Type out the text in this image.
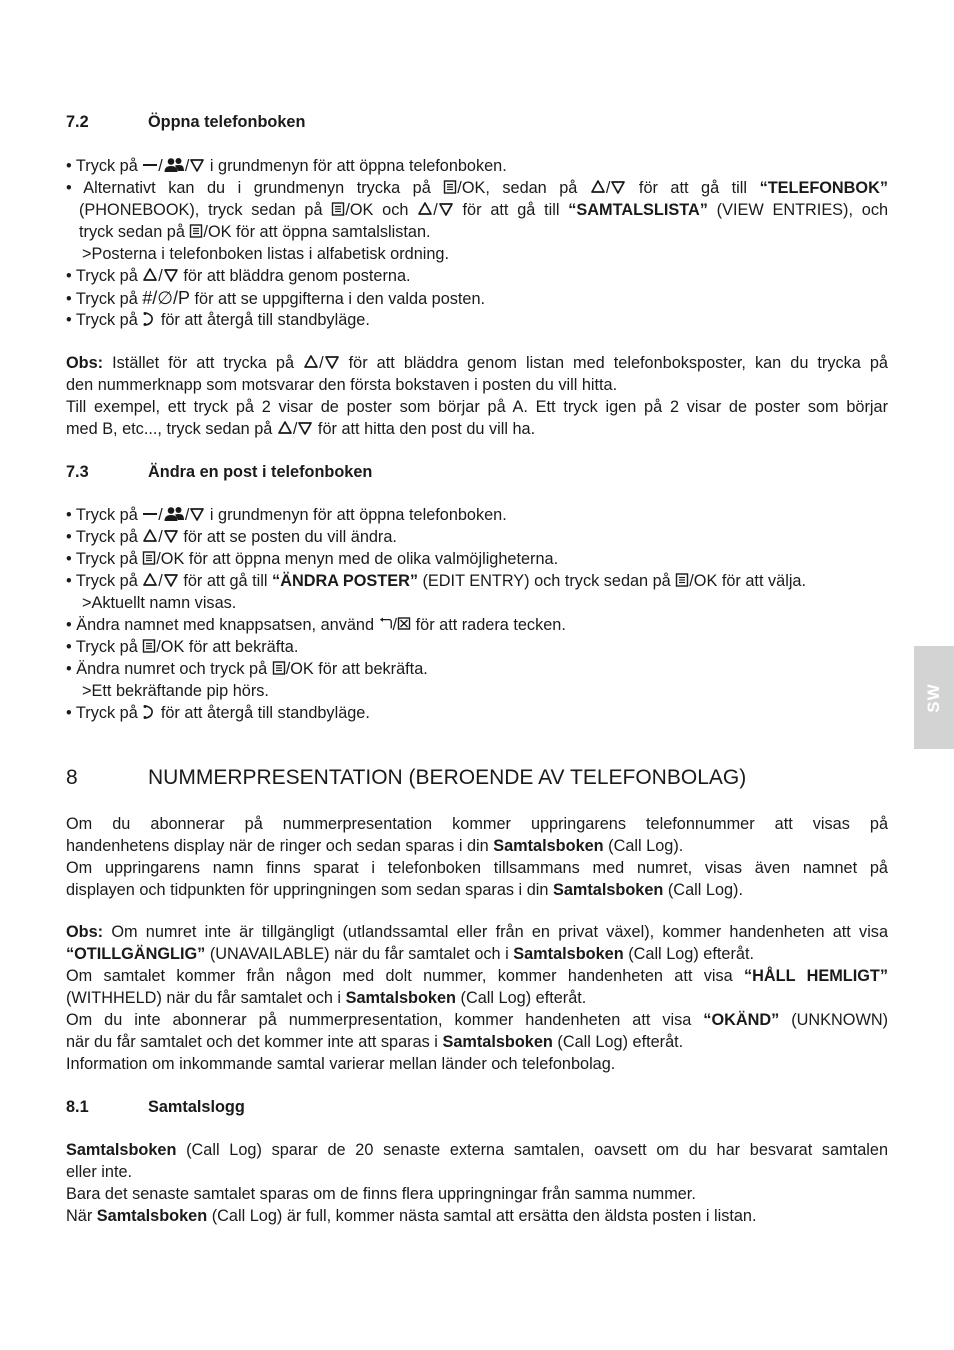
SW
7.2	Öppna telefonboken
• Tryck på / / i grundmenyn för att öppna telefonboken.
• Alternativt kan du i grundmenyn trycka på /OK, sedan på / för att gå till “TELEFONBOK”
(PHONEBOOK), tryck sedan på /OK och / för att gå till “SAMTALSLISTA” (VIEW ENTRIES), och
tryck sedan på /OK för att öppna samtalslistan.
>Posterna i telefonboken listas i alfabetisk ordning.
• Tryck på / för att bläddra genom posterna.
• Tryck på #/∅/P för att se uppgifterna i den valda posten.
• Tryck på för att återgå till standbyläge.
Obs: Istället för att trycka på / för att bläddra genom listan med telefonboksposter, kan du trycka på
den nummerknapp som motsvarar den första bokstaven i posten du vill hitta.
Till exempel, ett tryck på 2 visar de poster som börjar på A. Ett tryck igen på 2 visar de poster som börjar
med B, etc..., tryck sedan på / för att hitta den post du vill ha.
7.3	Ändra en post i telefonboken
• Tryck på / / i grundmenyn för att öppna telefonboken.
• Tryck på / för att se posten du vill ändra.
• Tryck på /OK för att öppna menyn med de olika valmöjligheterna.
• Tryck på / för att gå till “ÄNDRA POSTER” (EDIT ENTRY) och tryck sedan på /OK för att välja.
>Aktuellt namn visas.
• Ändra namnet med knappsatsen, använd / för att radera tecken.
• Tryck på /OK för att bekräfta.
• Ändra numret och tryck på /OK för att bekräfta.
>Ett bekräftande pip hörs.
• Tryck på för att återgå till standbyläge.
8	NUMMERPRESENTATION (BEROENDE AV TELEFONBOLAG)
Om du abonnerar på nummerpresentation kommer uppringarens telefonnummer att visas på
handenhetens display när de ringer och sedan sparas i din Samtalsboken (Call Log).
Om uppringarens namn finns sparat i telefonboken tillsammans med numret, visas även namnet på
displayen och tidpunkten för uppringningen som sedan sparas i din Samtalsboken (Call Log).
Obs: Om numret inte är tillgängligt (utlandssamtal eller från en privat växel), kommer handenheten att visa
“OTILLGÄNGLIG” (UNAVAILABLE) när du får samtalet och i Samtalsboken (Call Log) efteråt.
Om samtalet kommer från någon med dolt nummer, kommer handenheten att visa “HÅLL HEMLIGT”
(WITHHELD) när du får samtalet och i Samtalsboken (Call Log) efteråt.
Om du inte abonnerar på nummerpresentation, kommer handenheten att visa “OKÄND” (UNKNOWN)
när du får samtalet och det kommer inte att sparas i Samtalsboken (Call Log) efteråt.
Information om inkommande samtal varierar mellan länder och telefonbolag.
8.1	Samtalslogg
Samtalsboken (Call Log) sparar de 20 senaste externa samtalen, oavsett om du har besvarat samtalen
eller inte.
Bara det senaste samtalet sparas om de finns flera uppringningar från samma nummer.
När Samtalsboken (Call Log) är full, kommer nästa samtal att ersätta den äldsta posten i listan.
